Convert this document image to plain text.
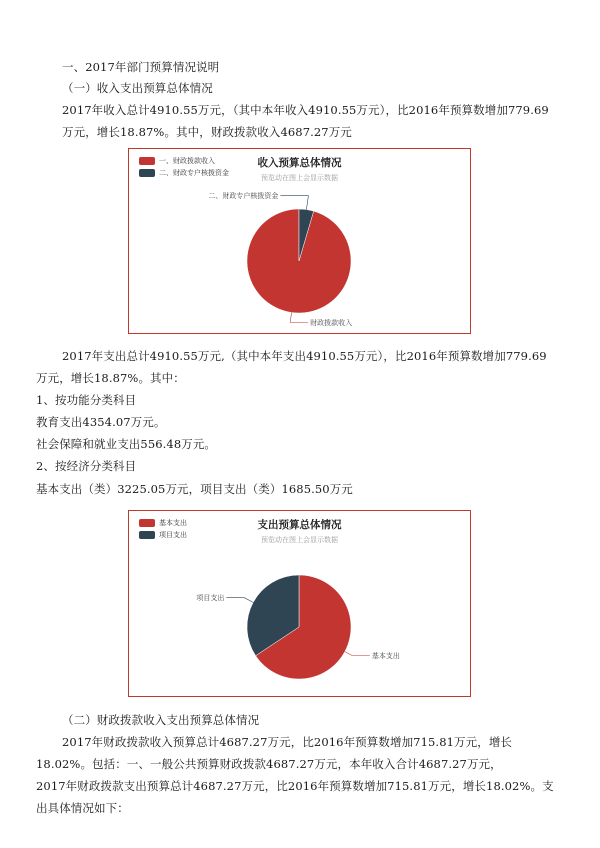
一、2017年部门预算情况说明
（一）收入支出预算总体情况
2017年收入总计4910.55万元，（其中本年收入4910.55万元），比2016年预算数增加779.69
万元，增长18.87%。其中，财政拨款收入4687.27万元
一、财政拨款收入
二、财政专户核拨资金
收入预算总体情况
预览动在图上会显示数据
财政拨款收入
二、财政专户核拨资金
2017年支出总计4910.55万元,（其中本年支出4910.55万元），比2016年预算数增加779.69
万元，增长18.87%。其中：
1、按功能分类科目
教育支出4354.07万元。
社会保障和就业支出556.48万元。
2、按经济分类科目
基本支出（类）3225.05万元，项目支出（类）1685.50万元
基本支出
项目支出
支出预算总体情况
预览动在图上会显示数据
基本支出
项目支出
（二）财政拨款收入支出预算总体情况
2017年财政拨款收入预算总计4687.27万元，比2016年预算数增加715.81万元，增长
18.02%。包括：一、一般公共预算财政拨款4687.27万元，本年收入合计4687.27万元，
2017年财政拨款支出预算总计4687.27万元，比2016年预算数增加715.81万元，增长18.02%。支
出具体情况如下：
